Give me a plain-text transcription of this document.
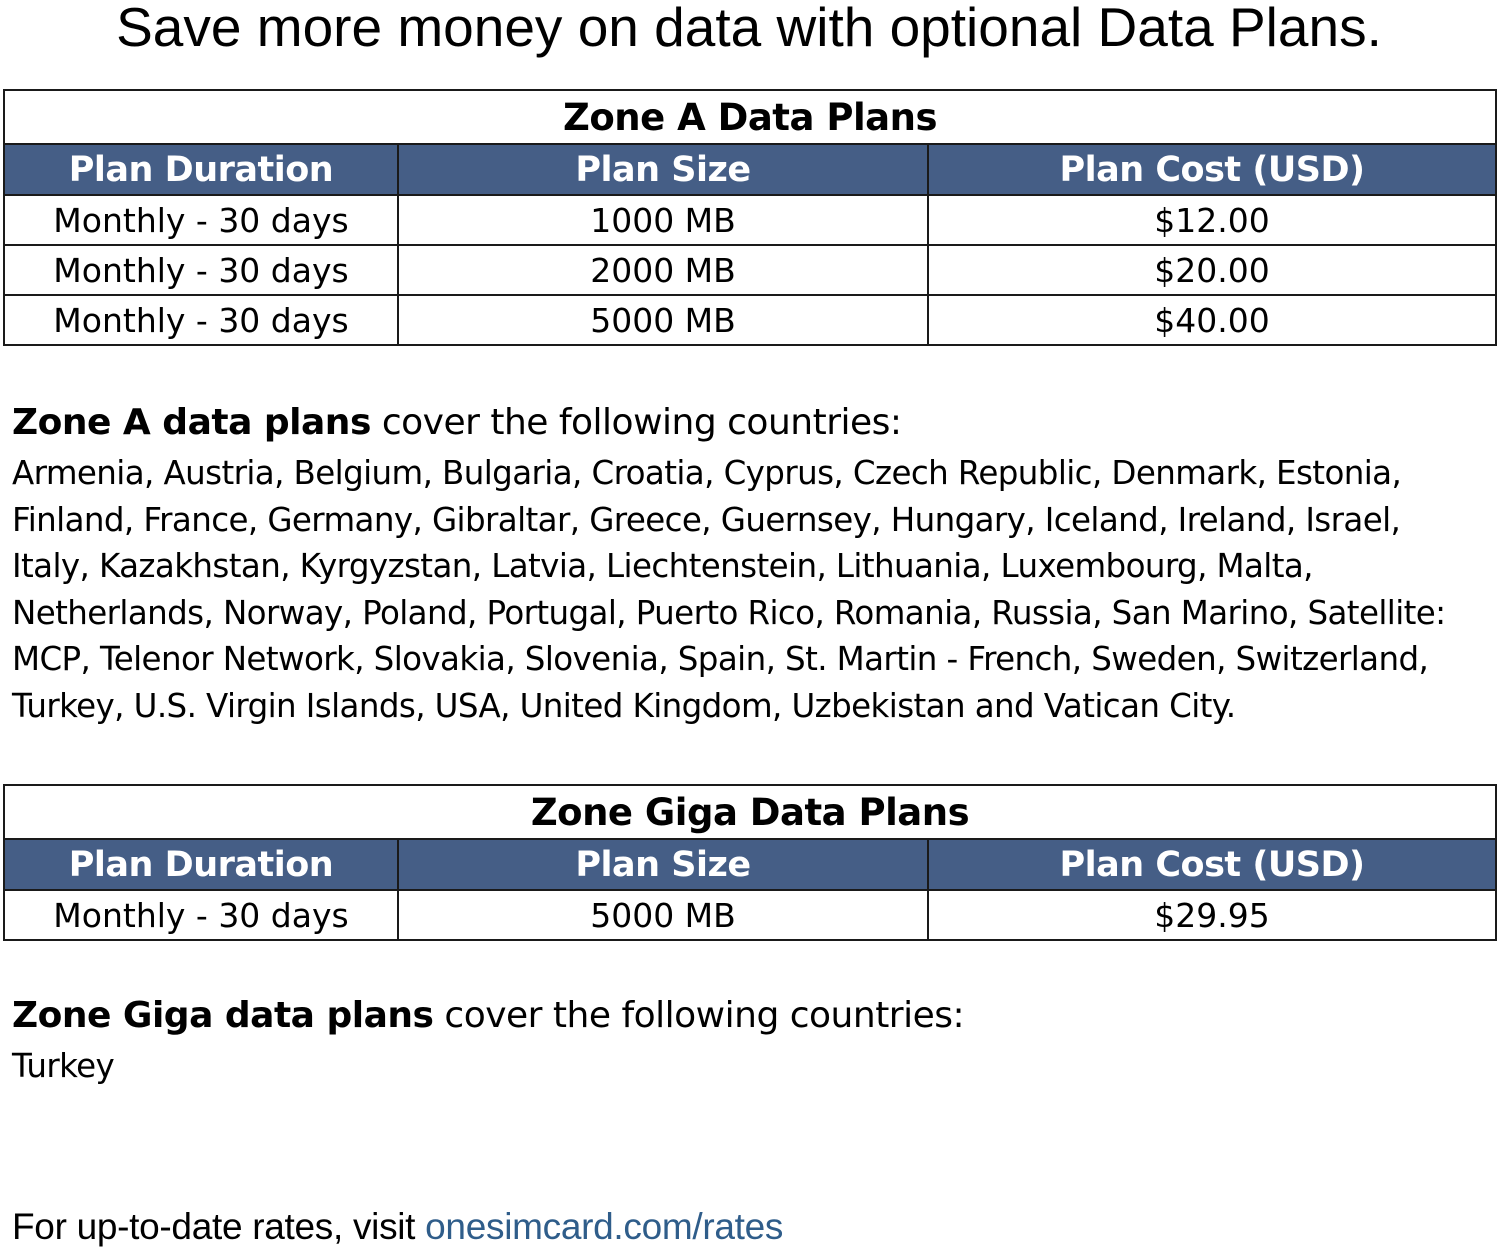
Save more money on data with optional Data Plans.
Zone A Data Plans		
Plan Duration	Plan Size	Plan Cost (USD)
Monthly - 30 days	1000 MB	$12.00
Monthly - 30 days	2000 MB	$20.00
Monthly - 30 days	5000 MB	$40.00
Zone A data plans cover the following countries:
Armenia, Austria, Belgium, Bulgaria, Croatia, Cyprus, Czech Republic, Denmark, Estonia, Finland, France, Germany, Gibraltar, Greece, Guernsey, Hungary, Iceland, Ireland, Israel, Italy, Kazakhstan, Kyrgyzstan, Latvia, Liechtenstein, Lithuania, Luxembourg, Malta, Netherlands, Norway, Poland, Portugal, Puerto Rico, Romania, Russia, San Marino, Satellite: MCP, Telenor Network, Slovakia, Slovenia, Spain, St. Martin - French, Sweden, Switzerland, Turkey, U.S. Virgin Islands, USA, United Kingdom, Uzbekistan and Vatican City.
Zone Giga Data Plans		
Plan Duration	Plan Size	Plan Cost (USD)
Monthly - 30 days	5000 MB	$29.95
Zone Giga data plans cover the following countries:
Turkey
For up-to-date rates, visit onesimcard.com/rates
